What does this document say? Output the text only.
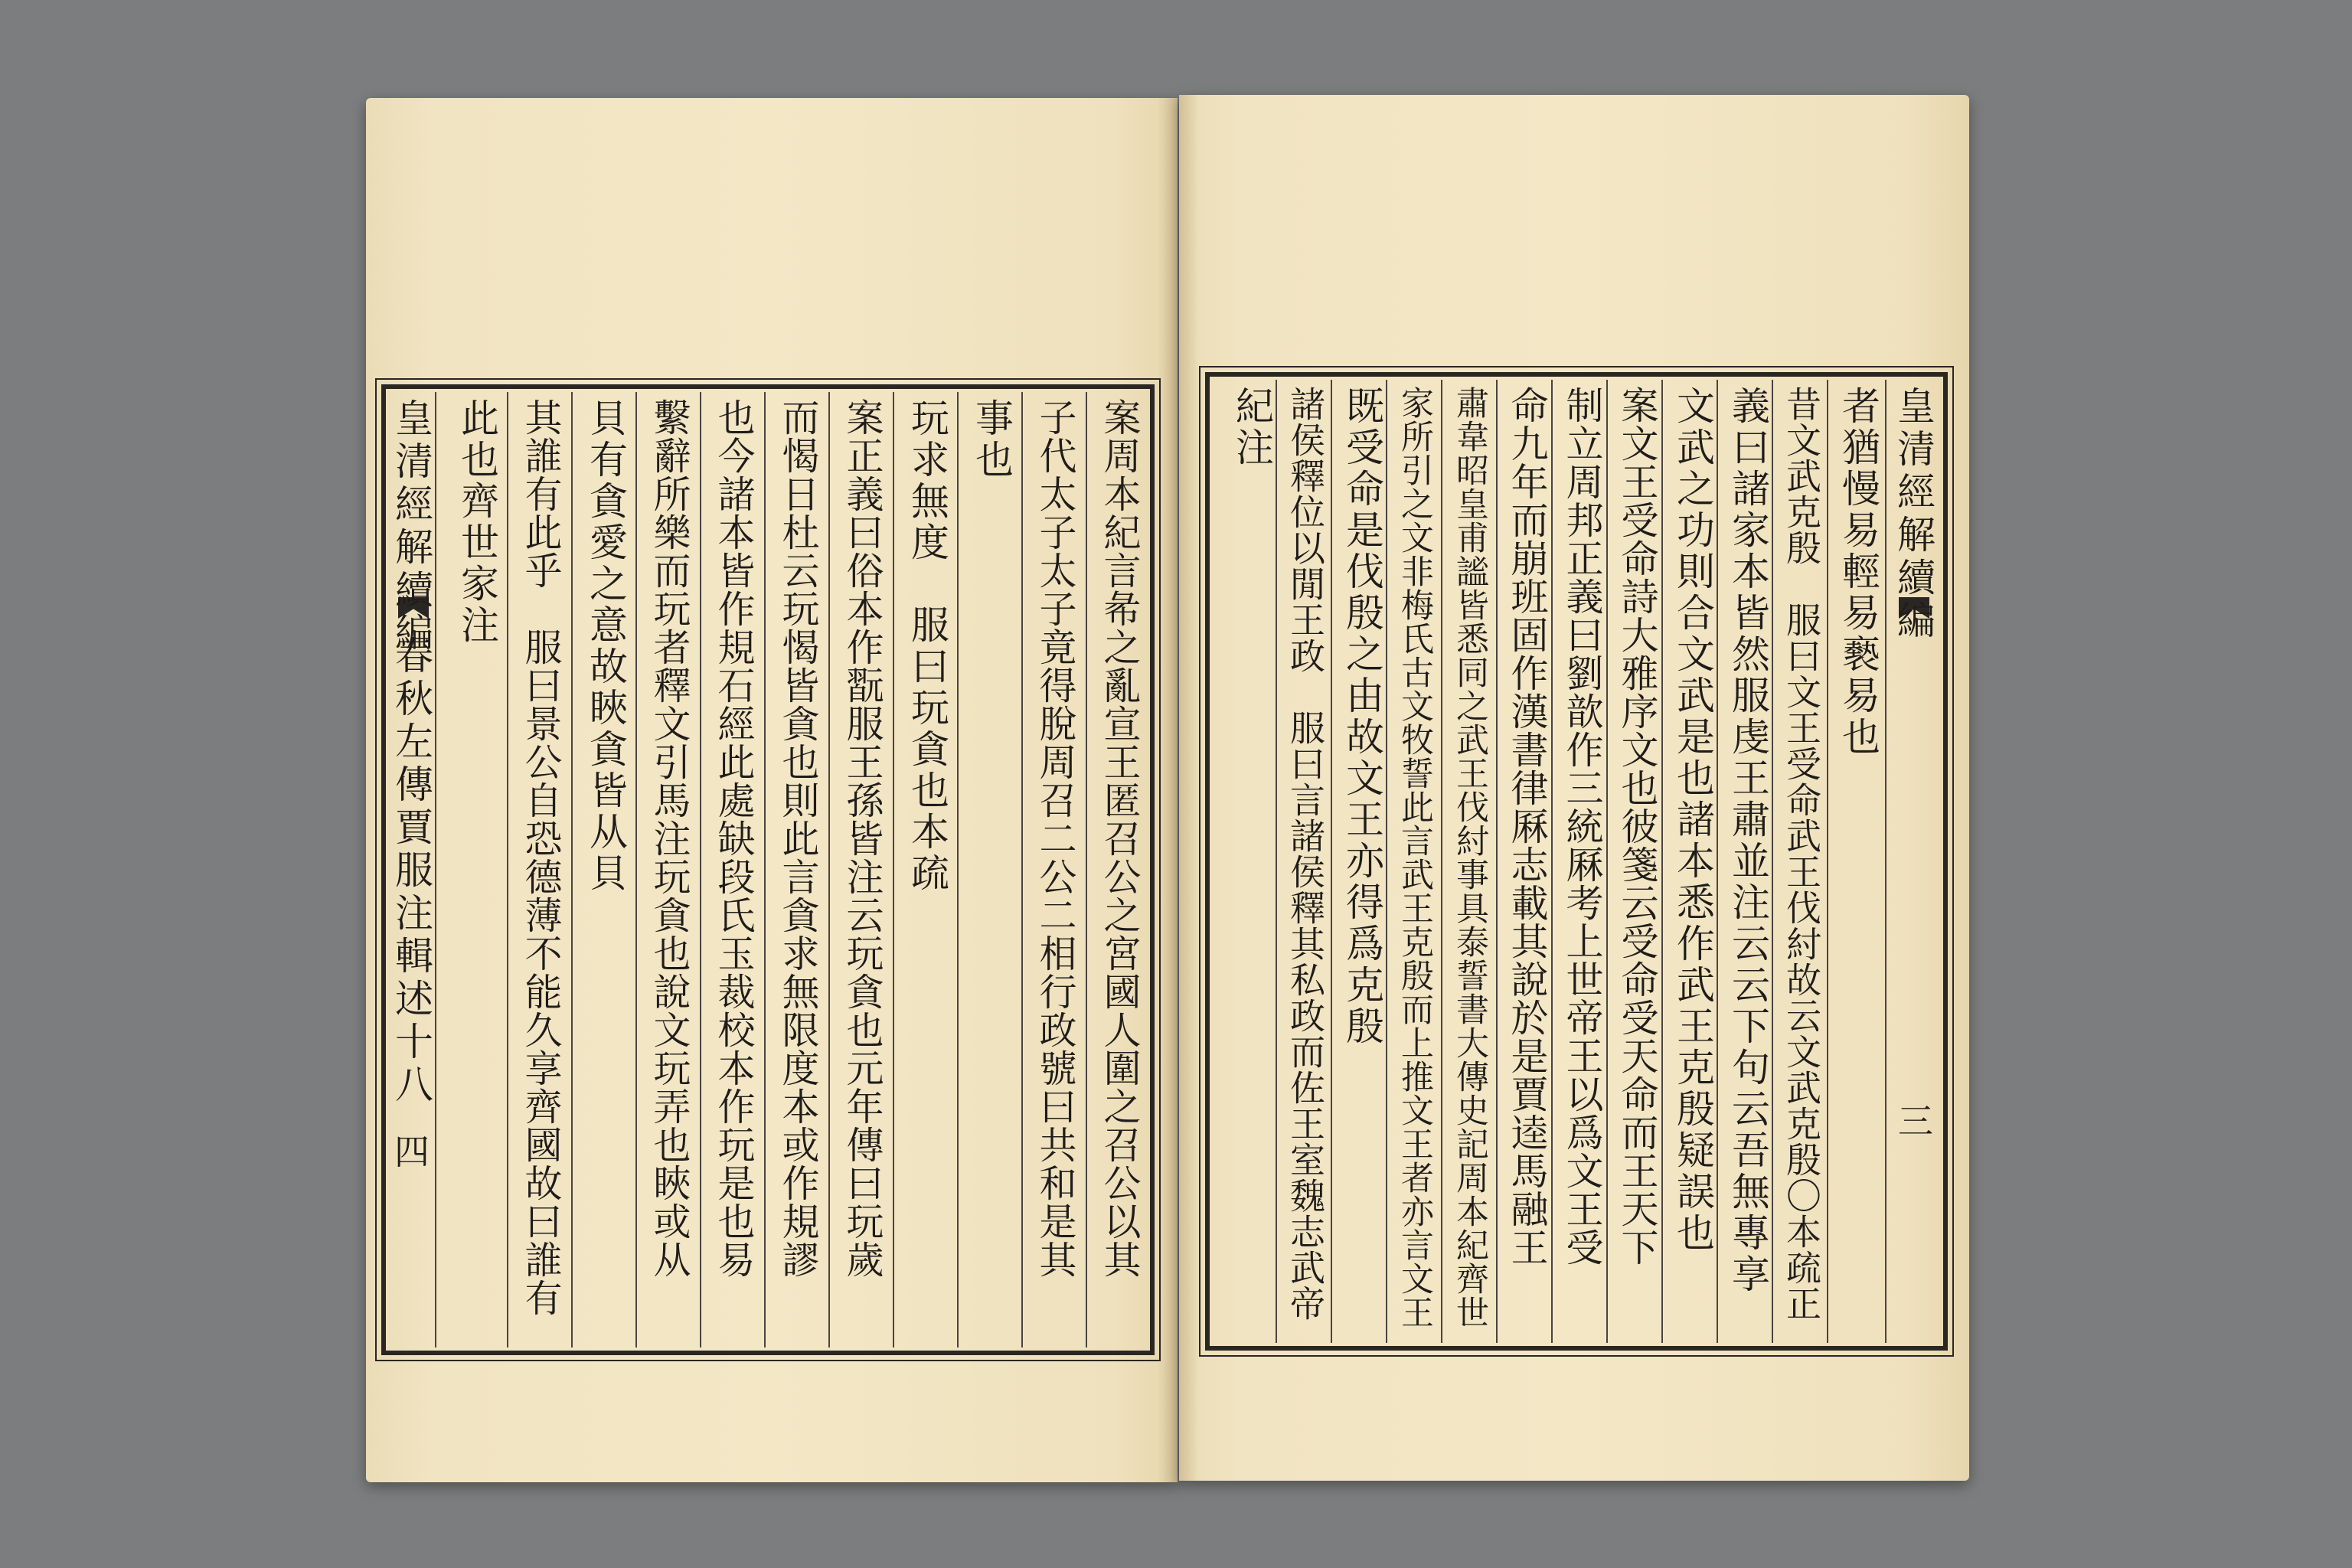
皇清經解續編
春秋左傳賈服注輯述十八
四	案周本紀言㣇之亂宣王匿召公之宮國人圍之召公以其
子代太子太子竟得脫周召二公二相行政號曰共和是其
事也
玩求無度　服曰玩貪也本疏
案正義曰俗本作翫服王孫皆注云玩貪也元年傳曰玩歲
而愒日杜云玩愒皆貪也則此言貪求無限度本或作規謬
也今諸本皆作規石經此處缺段氏玉裁校本作玩是也易
繫辭所樂而玩者釋文引馬注玩貪也說文玩弄也䀹或从
貝有貪愛之意故䀹貪皆从貝
其誰有此乎　服曰景公自恐德薄不能久享齊國故曰誰有
此也齊世家注	皇清經解續編
三
者猶慢易輕易褻易也
昔文武克殷　服曰文王受命武王伐紂故云文武克殷〇本疏正
義曰諸家本皆然服虔王肅並注云云下句云吾無專享
文武之功則合文武是也諸本悉作武王克殷疑誤也
案文王受命詩大雅序文也彼箋云受命受天命而王天下
制立周邦正義曰劉歆作三統厤考上世帝王以爲文王受
命九年而崩班固作漢書律厤志載其說於是賈逵馬融王
肅韋昭皇甫謐皆悉同之武王伐紂事具泰誓書大傳史記周本紀齊世
家所引之文非梅氏古文牧誓此言武王克殷而上推文王者亦言文王
既受命是伐殷之由故文王亦得爲克殷
諸侯釋位以閒王政　服曰言諸侯釋其私政而佐王室魏志武帝
紀注
